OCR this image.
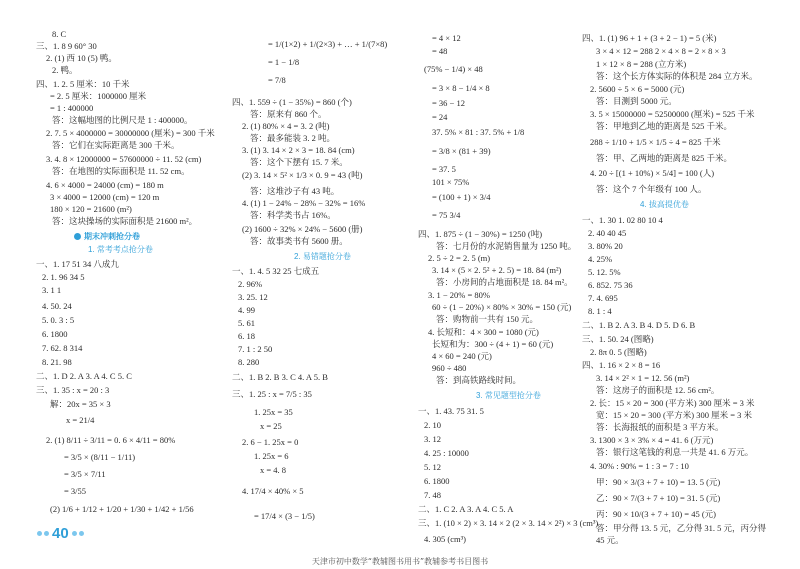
8. C
三、1. 8 9 60° 30
2. (1) 西 10 (5) 鸭。
2. 鸭。
四、1. 2. 5 厘米：10 千米
= 2. 5 厘米：1000000 厘米
= 1 : 400000
答：这幅地图的比例尺是 1 : 400000。
2. 7. 5 × 4000000 = 30000000 (厘米) = 300 千米
答：它们在实际距离是 300 千米。
3. 4. 8 × 12000000 = 57600000 ÷ 11. 52 (cm)
答：在地图的实际面积是 11. 52 cm。
4. 6 × 4000 = 24000 (cm) = 180 m
3 × 4000 = 12000 (cm) = 120 m
180 × 120 = 21600 (m²)
答：这块操场的实际面积是 21600 m²。
期末冲刺抢分卷
1. 常考考点抢分卷
一、1. 17 51 34 八成九
2. 1. 96 34 5
3. 1 1
4. 50. 24
5. 0. 3 : 5
6. 1800
7. 62. 8 314
8. 21. 98
二、1. D 2. A 3. A 4. C 5. C
三、1. 35 : x = 20 : 3
解：20x = 35 × 3
x = 21/4
2. (1) 8/11 ÷ 3/11 = 0. 6 × 4/11 = 80%
= 3/5 × (8/11 − 1/11)
= 3/5 × 7/11
= 3/55
(2) 1/6 + 1/12 + 1/20 + 1/30 + 1/42 + 1/56
= 1/(1×2) + 1/(2×3) + … + 1/(7×8)
= 1 − 1/8
= 7/8
四、1. 559 ÷ (1 − 35%) = 860 (个)
答：原来有 860 个。
2. (1) 80% × 4 = 3. 2 (吨)
答：最多能装 3. 2 吨。
3. (1) 3. 14 × 2 × 3 = 18. 84 (cm)
答：这个下摆有 15. 7 米。
(2) 3. 14 × 5² × 1/3 × 0. 9 = 43 (吨)
答：这堆沙子有 43 吨。
4. (1) 1 − 24% − 28% − 32% = 16%
答：科学类书占 16%。
(2) 1600 ÷ 32% × 24% − 5600 (册)
答：故事类书有 5600 册。
2. 易错题抢分卷
一、1. 4. 5 32 25 七成五
2. 96%
3. 25. 12
4. 99
5. 61
6. 18
7. 1 : 2 50
8. 280
二、1. B 2. B 3. C 4. A 5. B
三、1. 25 : x = 7/5 : 35
1. 25x = 35
x = 25
2. 6 − 1. 25x = 0
1. 25x = 6
x = 4. 8
4. 17/4 × 40% × 5
= 17/4 × (3 − 1/5)
= 4 × 12
= 48
(75% − 1/4) × 48
= 3 × 8 − 1/4 × 8
= 36 − 12
= 24
37. 5% × 81 : 37. 5% + 1/8
= 3/8 × (81 + 39)
= 37. 5
101 × 75%
= (100 + 1) × 3/4
= 75 3/4
四、1. 875 ÷ (1 − 30%) = 1250 (吨)
答：七月份的水泥销售量为 1250 吨。
2. 5 ÷ 2 = 2. 5 (m)
3. 14 × (5 × 2. 5² + 2. 5) = 18. 84 (m²)
答：小房间的占地面积是 18. 84 m²。
3. 1 − 20% = 80%
60 ÷ (1 − 20%) × 80% × 30% = 150 (元)
答：购物前一共有 150 元。
4. 长短和：4 × 300 = 1080 (元)
长短和为：300 ÷ (4 + 1) = 60 (元)
4 × 60 = 240 (元)
960 ÷ 480
答：到高铁路线时间。
3. 常见题型抢分卷
一、1. 43. 75 31. 5
2. 10
3. 12
4. 25 : 10000
5. 12
6. 1800
7. 48
二、1. C 2. A 3. A 4. C 5. A
三、1. (10 × 2) × 3. 14 × 2 (2 × 3. 14 × 2²) × 3 (cm³)
4. 305 (cm³)
四、1. (1) 96 + 1 + (3 + 2 − 1) = 5 (米)
3 × 4 × 12 = 288 2 × 4 × 8 = 2 × 8 × 3
1 × 12 × 8 = 288 (立方米)
答：这个长方体实际的体积是 284 立方米。
2. 5600 ÷ 5 × 6 = 5000 (元)
答：目测到 5000 元。
3. 5 × 15000000 = 52500000 (厘米) = 525 千米
答：甲地到乙地的距离是 525 千米。
288 ÷ 1/10 + 1/5 × 1/5 ÷ 4 = 825 千米
答：甲、乙两地的距离是 825 千米。
4. 20 ÷ [(1 + 10%) × 5/4] = 100 (人)
答：这个 7 个年级有 100 人。
4. 拔高提优卷
一、1. 30 1. 02 80 10 4
2. 40 40 45
3. 80% 20
4. 25%
5. 12. 5%
6. 852. 75 36
7. 4. 695
8. 1 : 4
二、1. B 2. A 3. B 4. D 5. D 6. B
三、1. 50. 24 (图略)
2. 8π 0. 5 (图略)
四、1. 16 × 2 × 8 = 16
3. 14 × 2² × 1 = 12. 56 (m²)
答：这房子的面积是 12. 56 cm²。
2. 长：15 × 20 = 300 (平方米) 300 厘米 = 3 米
宽：15 × 20 = 300 (平方米) 300 厘米 = 3 米
答：长海报纸的面积是 3 平方米。
3. 1300 × 3 × 3% × 4 = 41. 6 (万元)
答：银行这笔钱的利息一共是 41. 6 万元。
4. 30% : 90% = 1 : 3 = 7 : 10
甲：90 × 3/(3 + 7 + 10) = 13. 5 (元)
乙：90 × 7/(3 + 7 + 10) = 31. 5 (元)
丙：90 × 10/(3 + 7 + 10) = 45 (元)
答：甲分得 13. 5 元，乙分得 31. 5 元，丙分得
45 元。
40
天津市初中数学“教辅图书用书”教辅参考书目图书
